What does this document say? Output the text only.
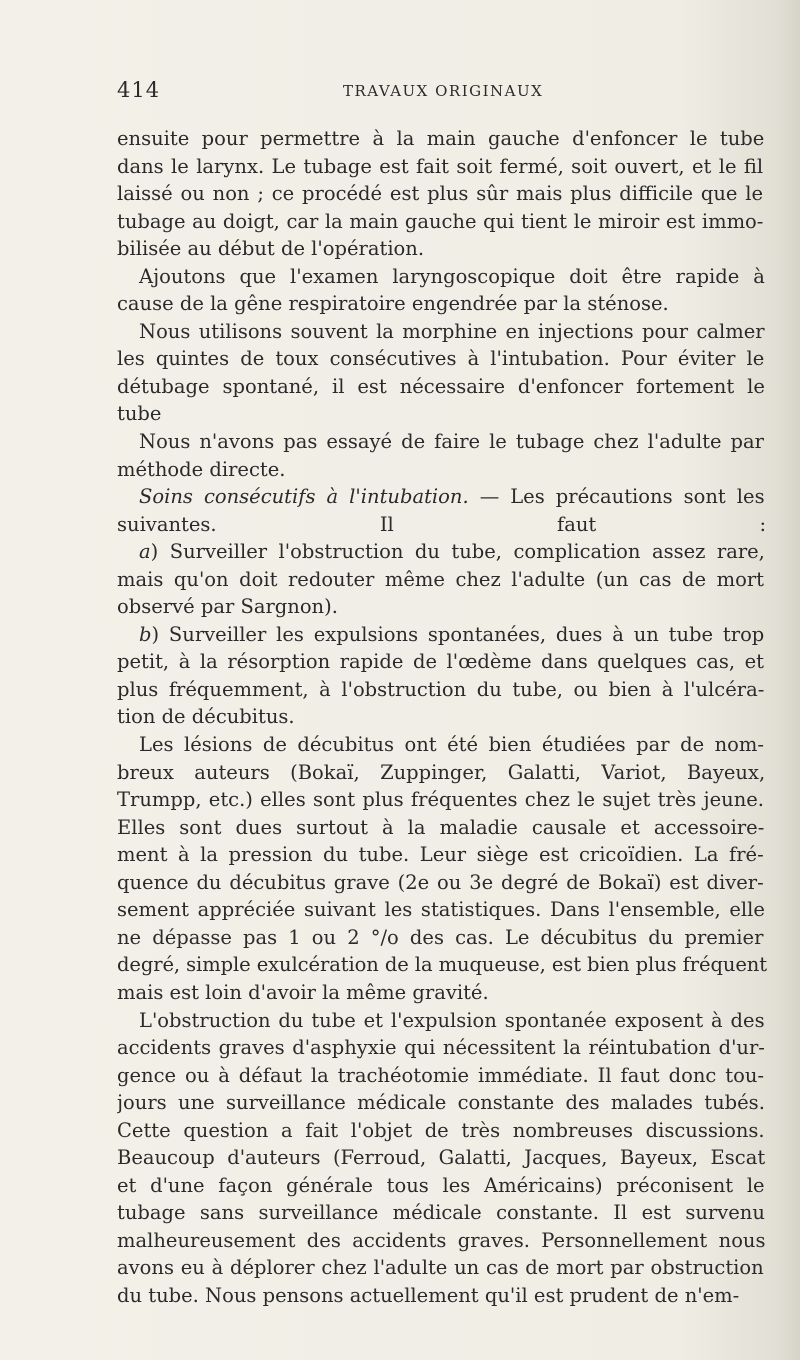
414	TRAVAUX ORIGINAUX
ensuite pour permettre à la main gauche d'enfoncer le tube
dans le larynx. Le tubage est fait soit fermé, soit ouvert, et le fil
laissé ou non ; ce procédé est plus sûr mais plus difficile que le
tubage au doigt, car la main gauche qui tient le miroir est immo-
bilisée au début de l'opération.
Ajoutons que l'examen laryngoscopique doit être rapide à
cause de la gêne respiratoire engendrée par la sténose.
Nous utilisons souvent la morphine en injections pour calmer
les quintes de toux consécutives à l'intubation. Pour éviter le
détubage spontané, il est nécessaire d'enfoncer fortement le
tube
Nous n'avons pas essayé de faire le tubage chez l'adulte par
méthode directe.
Soins consécutifs à l'intubation. — Les précautions sont les
suivantes. Il faut :
a) Surveiller l'obstruction du tube, complication assez rare,
mais qu'on doit redouter même chez l'adulte (un cas de mort
observé par Sargnon).
b) Surveiller les expulsions spontanées, dues à un tube trop
petit, à la résorption rapide de l'œdème dans quelques cas, et
plus fréquemment, à l'obstruction du tube, ou bien à l'ulcéra-
tion de décubitus.
Les lésions de décubitus ont été bien étudiées par de nom-
breux auteurs (Bokaï, Zuppinger, Galatti, Variot, Bayeux,
Trumpp, etc.) elles sont plus fréquentes chez le sujet très jeune.
Elles sont dues surtout à la maladie causale et accessoire-
ment à la pression du tube. Leur siège est cricoïdien. La fré-
quence du décubitus grave (2e ou 3e degré de Bokaï) est diver-
sement appréciée suivant les statistiques. Dans l'ensemble, elle
ne dépasse pas 1 ou 2 °/o des cas. Le décubitus du premier
degré, simple exulcération de la muqueuse, est bien plus fréquent
mais est loin d'avoir la même gravité.
L'obstruction du tube et l'expulsion spontanée exposent à des
accidents graves d'asphyxie qui nécessitent la réintubation d'ur-
gence ou à défaut la trachéotomie immédiate. Il faut donc tou-
jours une surveillance médicale constante des malades tubés.
Cette question a fait l'objet de très nombreuses discussions.
Beaucoup d'auteurs (Ferroud, Galatti, Jacques, Bayeux, Escat
et d'une façon générale tous les Américains) préconisent le
tubage sans surveillance médicale constante. Il est survenu
malheureusement des accidents graves. Personnellement nous
avons eu à déplorer chez l'adulte un cas de mort par obstruction
du tube. Nous pensons actuellement qu'il est prudent de n'em-
